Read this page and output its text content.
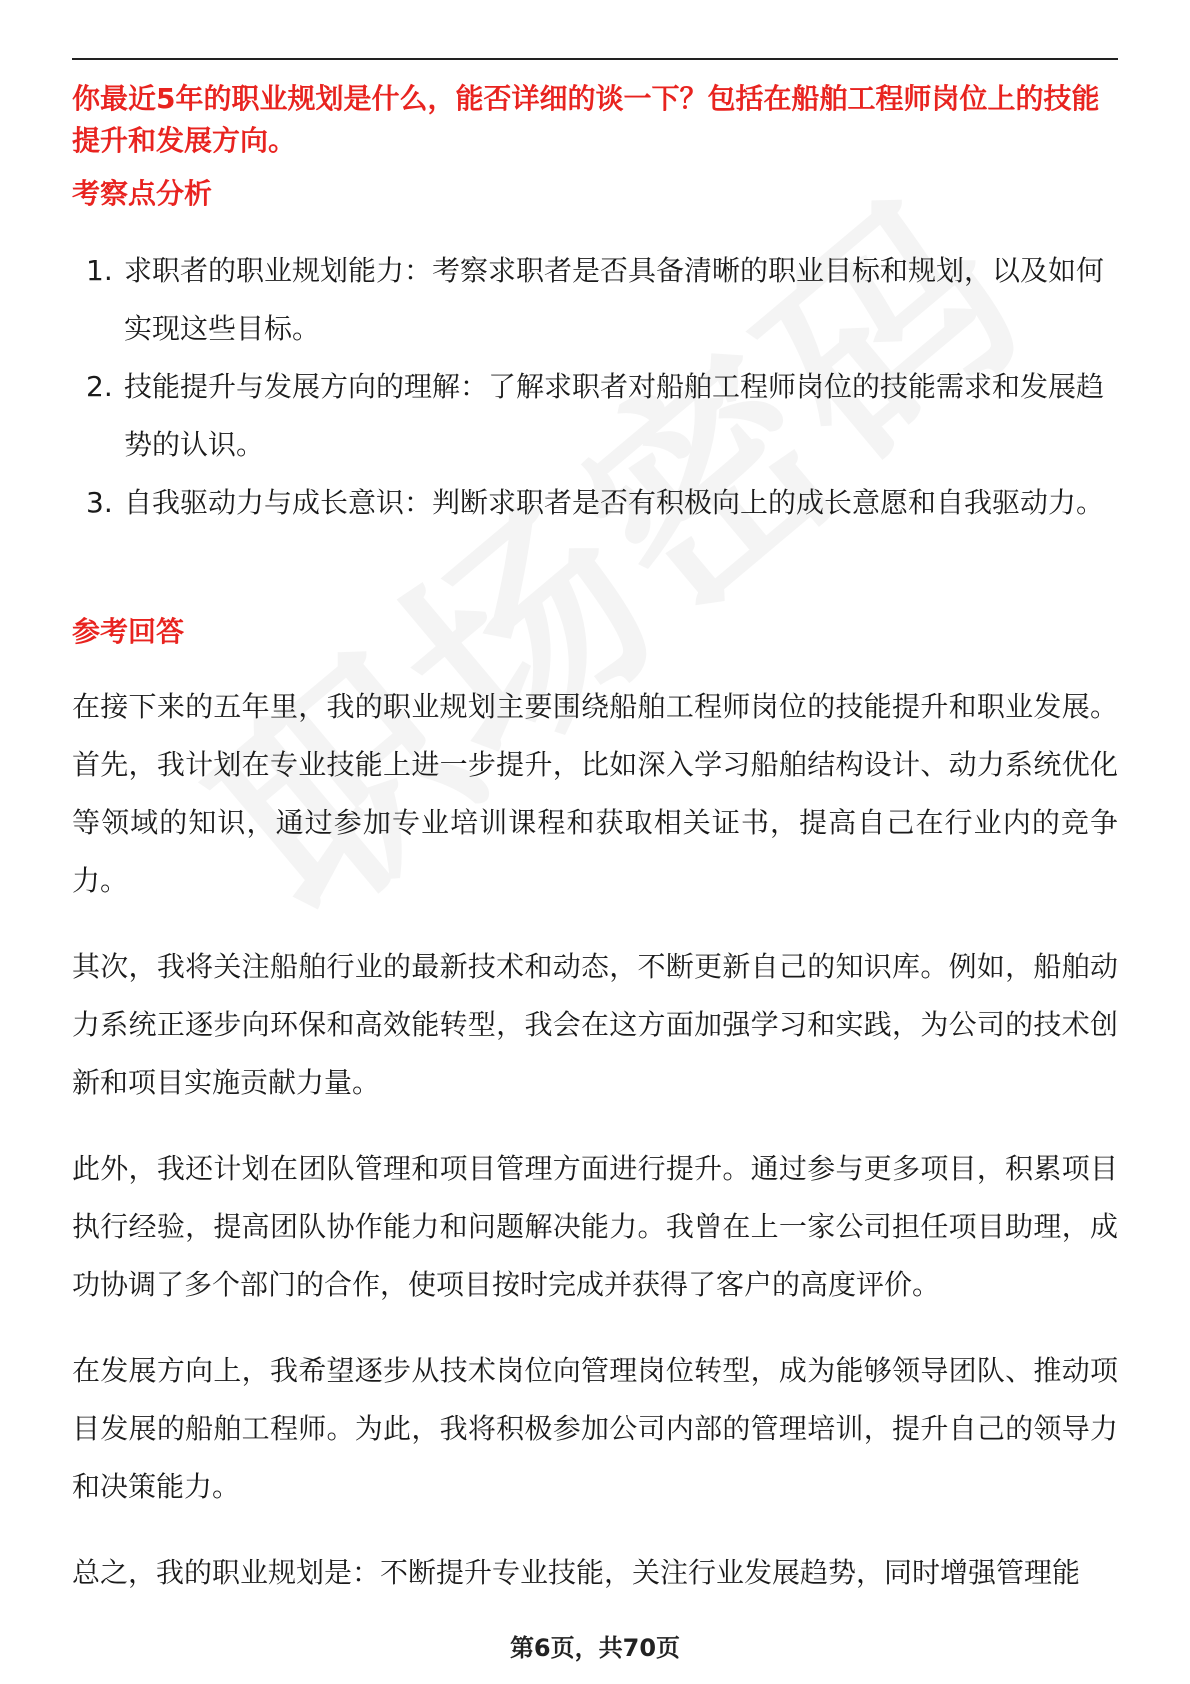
你最近5年的职业规划是什么，能否详细的谈一下？包括在船舶工程师岗位上的技能提升和发展方向。

考察点分析
1. 求职者的职业规划能力：考察求职者是否具备清晰的职业目标和规划，以及如何实现这些目标。
2. 技能提升与发展方向的理解：了解求职者对船舶工程师岗位的技能需求和发展趋势的认识。
3. 自我驱动力与成长意识：判断求职者是否有积极向上的成长意愿和自我驱动力。
参考回答

在接下来的五年里，我的职业规划主要围绕船舶工程师岗位的技能提升和职业发展。首先，我计划在专业技能上进一步提升，比如深入学习船舶结构设计、动力系统优化等领域的知识，通过参加专业培训课程和获取相关证书，提高自己在行业内的竞争力。

其次，我将关注船舶行业的最新技术和动态，不断更新自己的知识库。例如，船舶动力系统正逐步向环保和高效能转型，我会在这方面加强学习和实践，为公司的技术创新和项目实施贡献力量。

此外，我还计划在团队管理和项目管理方面进行提升。通过参与更多项目，积累项目执行经验，提高团队协作能力和问题解决能力。我曾在上一家公司担任项目助理，成功协调了多个部门的合作，使项目按时完成并获得了客户的高度评价。

在发展方向上，我希望逐步从技术岗位向管理岗位转型，成为能够领导团队、推动项目发展的船舶工程师。为此，我将积极参加公司内部的管理培训，提升自己的领导力和决策能力。

总之，我的职业规划是：不断提升专业技能，关注行业发展趋势，同时增强管理能

第6页，共70页
